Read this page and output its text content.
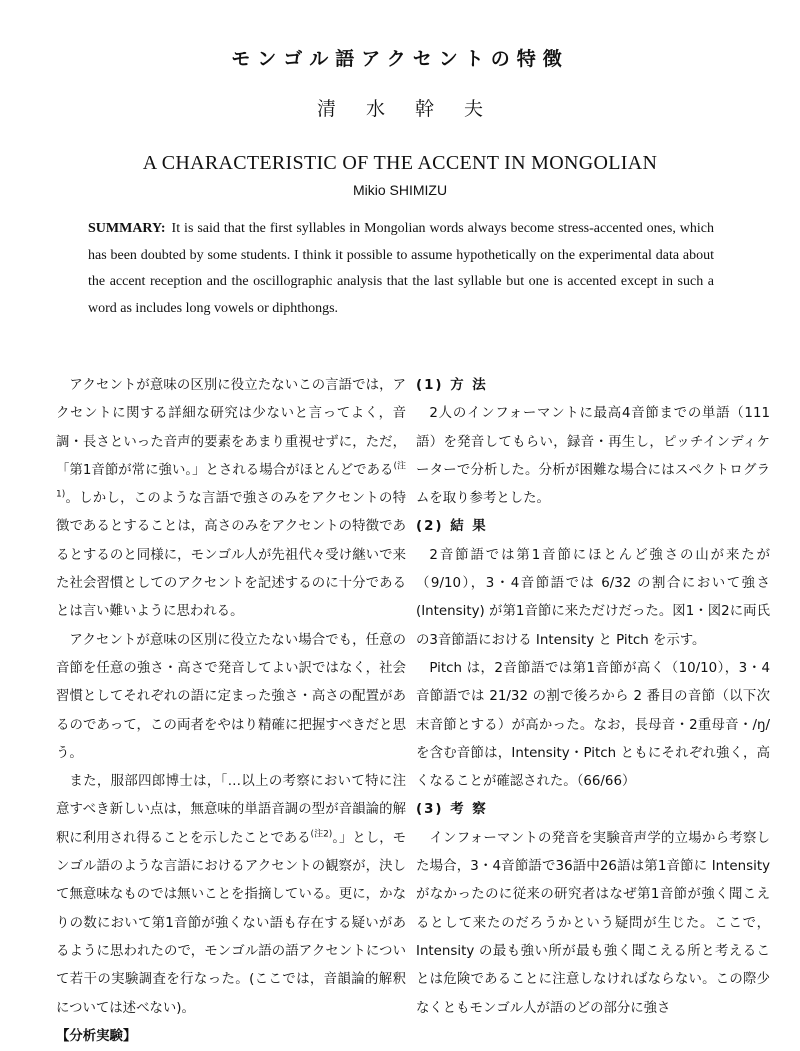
モンゴル語アクセントの特徴
清水幹夫
A CHARACTERISTIC OF THE ACCENT IN MONGOLIAN
Mikio SHIMIZU
SUMMARY: It is said that the first syllables in Mongolian words always become stress-accented ones, which has been doubted by some students. I think it possible to assume hypothetically on the experimental data about the accent reception and the oscillographic analysis that the last syllable but one is accented except in such a word as includes long vowels or diphthongs.

アクセントが意味の区別に役立たないこの言語では，アクセントに関する詳細な研究は少ないと言ってよく，音調・長さといった音声的要素をあまり重視せずに，ただ，「第1音節が常に強い。」とされる場合がほとんどである$^{(注1)}$。しかし，このような言語で強さのみをアクセントの特徴であるとすることは，高さのみをアクセントの特徴であるとするのと同様に，モンゴル人が先祖代々受け継いで来た社会習慣としてのアクセントを記述するのに十分であるとは言い難いように思われる。

アクセントが意味の区別に役立たない場合でも，任意の音節を任意の強さ・高さで発音してよい訳ではなく，社会習慣としてそれぞれの語に定まった強さ・高さの配置があるのであって，この両者をやはり精確に把握すべきだと思う。

また，服部四郎博士は，「…以上の考察において特に注意すべき新しい点は，無意味的単語音調の型が音韻論的解釈に利用され得ることを示したことである$^{(注2)}$。」とし，モンゴル語のような言語におけるアクセントの観察が，決して無意味なものでは無いことを指摘している。更に，かなりの数において第1音節が強くない語も存在する疑いがあるように思われたので，モンゴル語の語アクセントについて若干の実験調査を行なった。(ここでは，音韻論的解釈については述べない)。

【分析実験】
(1) 方 法

2人のインフォーマントに最高4音節までの単語（111語）を発音してもらい，録音・再生し，ピッチインディケーターで分析した。分析が困難な場合にはスペクトログラムを取り参考とした。

(2) 結 果

2音節語では第1音節にほとんど強さの山が来たが（9/10），3・4音節語では 6/32 の割合において強さ (Intensity) が第1音節に来ただけだった。図1・図2に両氏の3音節語における Intensity と Pitch を示す。

Pitch は，2音節語では第1音節が高く（10/10），3・4 音節語では 21/32 の割で後ろから 2 番目の音節（以下次末音節とする）が高かった。なお，長母音・2重母音・/ŋ/ を含む音節は，Intensity・Pitch ともにそれぞれ強く，高くなることが確認された。（66/66）

(3) 考 察

インフォーマントの発音を実験音声学的立場から考察した場合，3・4音節語で36語中26語は第1音節に Intensity がなかったのに従来の研究者はなぜ第1音節が強く聞こえるとして来たのだろうかという疑問が生じた。ここで，Intensity の最も強い所が最も強く聞こえる所と考えることは危険であることに注意しなければならない。この際少なくともモンゴル人が語のどの部分に強さ
